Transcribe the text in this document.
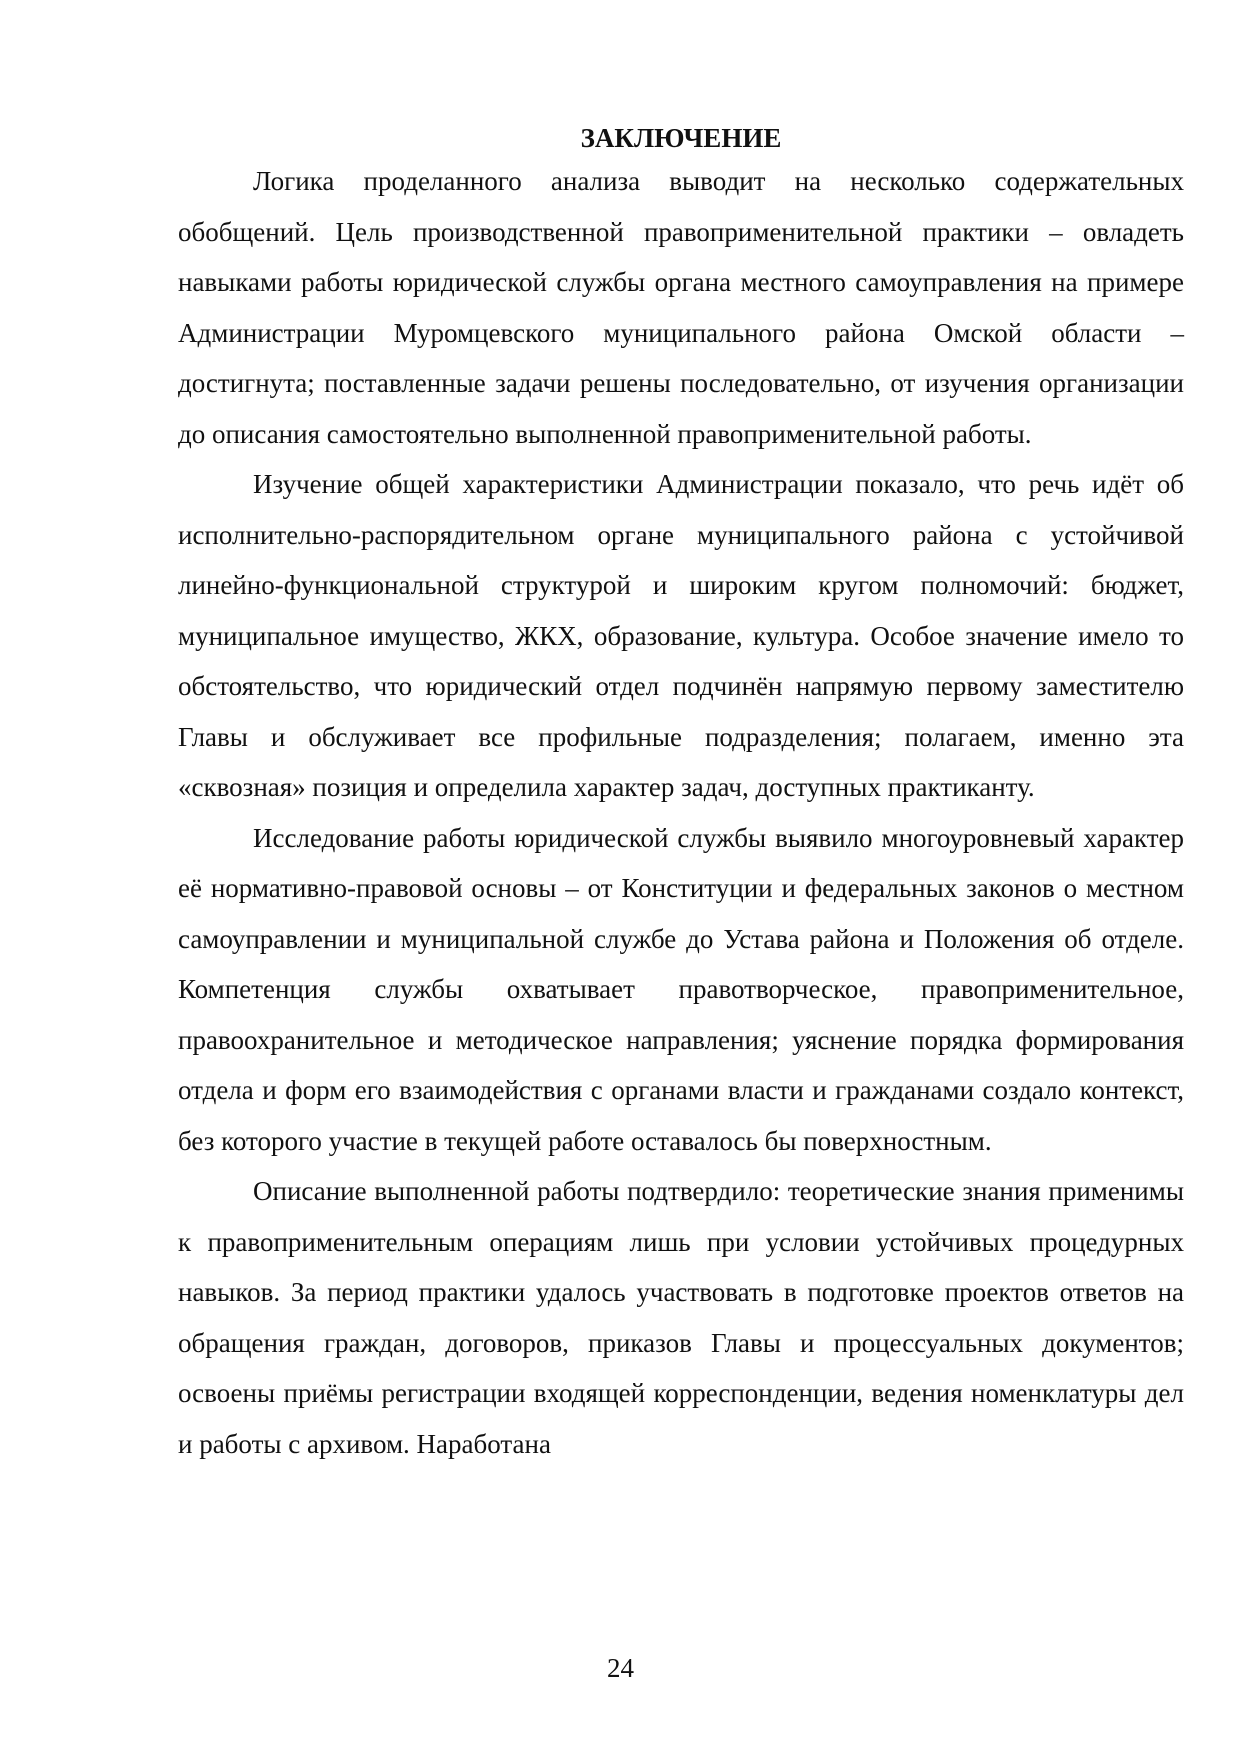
ЗАКЛЮЧЕНИЕ

Логика проделанного анализа выводит на несколько содержательных обобщений. Цель производственной правоприменительной практики – овладеть навыками работы юридической службы органа местного самоуправления на примере Администрации Муромцевского муниципального района Омской области – достигнута; поставленные задачи решены последовательно, от изучения организации до описания самостоятельно выполненной правоприменительной работы.

Изучение общей характеристики Администрации показало, что речь идёт об исполнительно-распорядительном органе муниципального района с устойчивой линейно-функциональной структурой и широким кругом полномочий: бюджет, муниципальное имущество, ЖКХ, образование, культура. Особое значение имело то обстоятельство, что юридический отдел подчинён напрямую первому заместителю Главы и обслуживает все профильные подразделения; полагаем, именно эта «сквозная» позиция и определила характер задач, доступных практиканту.

Исследование работы юридической службы выявило многоуровневый характер её нормативно-правовой основы – от Конституции и федеральных законов о местном самоуправлении и муниципальной службе до Устава района и Положения об отделе. Компетенция службы охватывает правотворческое, правоприменительное, правоохранительное и методическое направления; уяснение порядка формирования отдела и форм его взаимодействия с органами власти и гражданами создало контекст, без которого участие в текущей работе оставалось бы поверхностным.

Описание выполненной работы подтвердило: теоретические знания применимы к правоприменительным операциям лишь при условии устойчивых процедурных навыков. За период практики удалось участвовать в подготовке проектов ответов на обращения граждан, договоров, приказов Главы и процессуальных документов; освоены приёмы регистрации входящей корреспонденции, ведения номенклатуры дел и работы с архивом. Наработана

24
